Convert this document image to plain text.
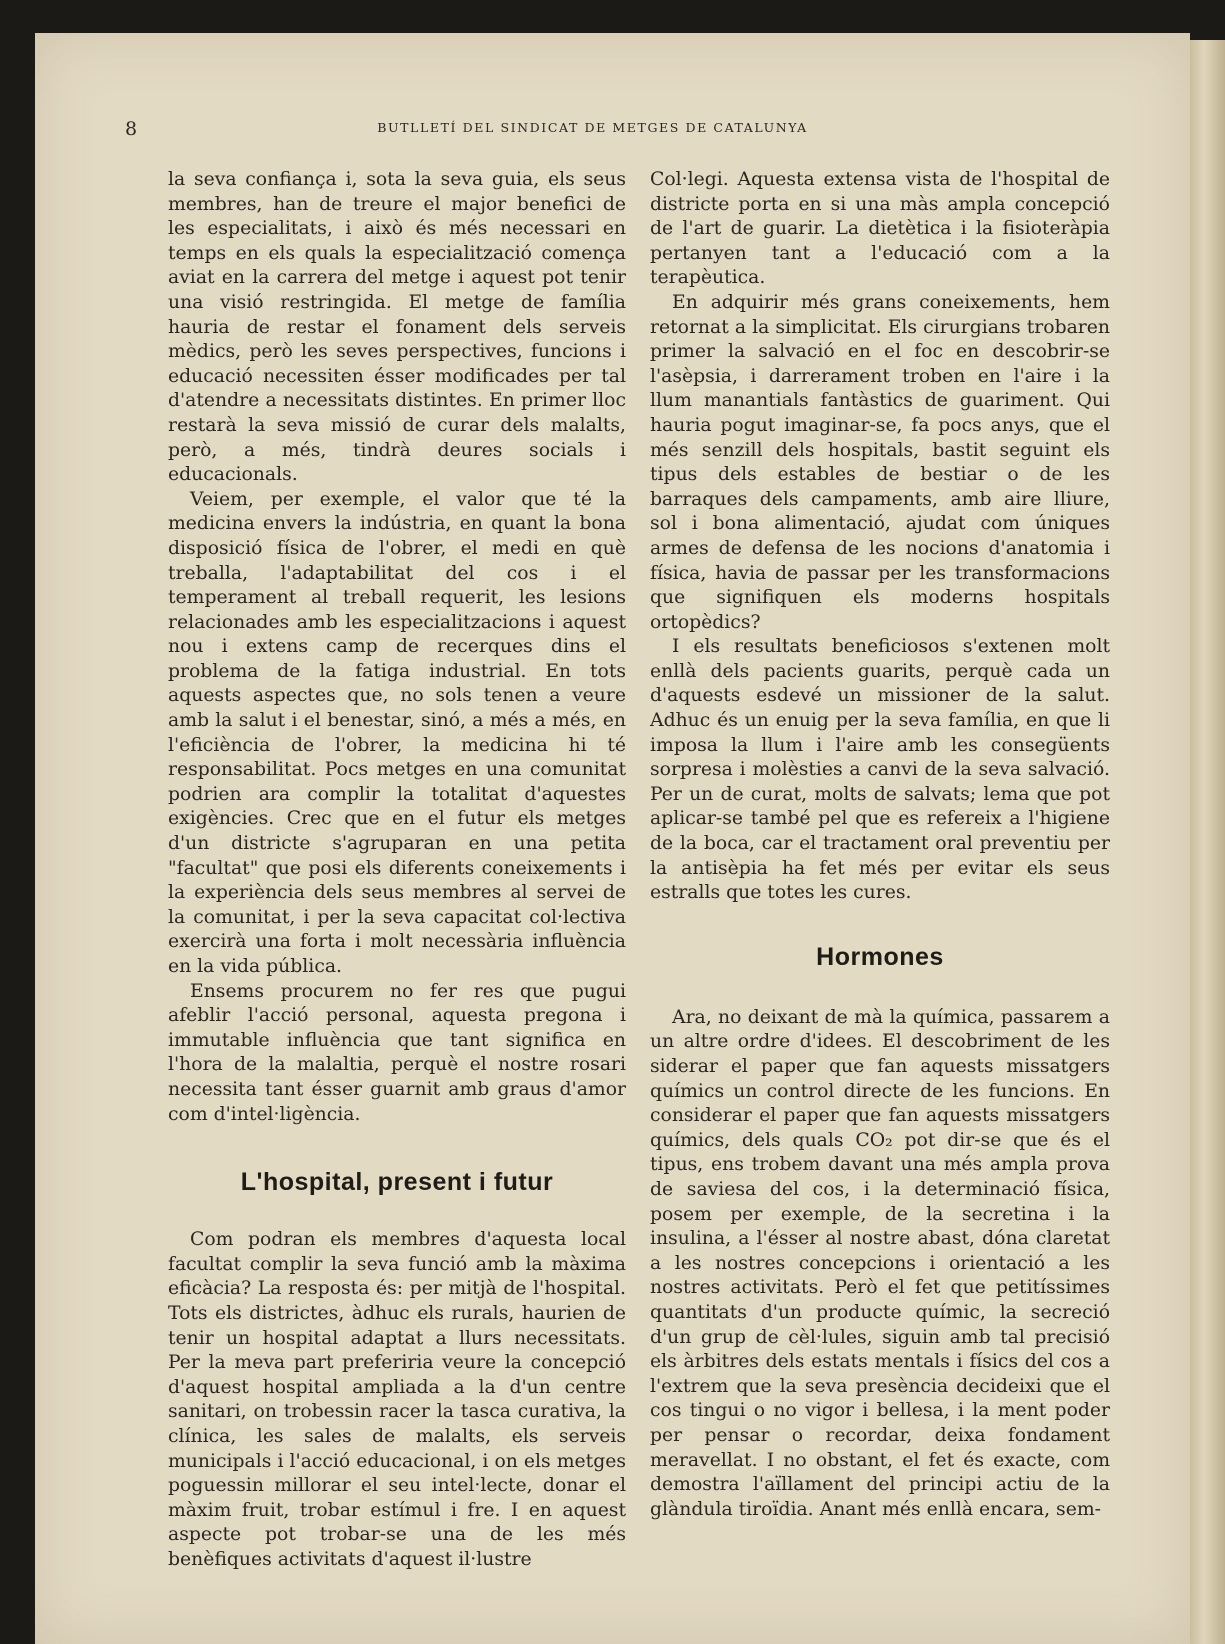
8	BUTLLETÍ DEL SINDICAT DE METGES DE CATALUNYA

la seva confiança i, sota la seva guia, els seus membres, han de treure el major benefici de les especialitats, i això és més necessari en temps en els quals la especialització comença aviat en la carrera del metge i aquest pot tenir una visió restringida. El metge de família hauria de restar el fonament dels serveis mèdics, però les seves perspectives, funcions i educació necessiten ésser modificades per tal d'atendre a necessitats distintes. En primer lloc restarà la seva missió de curar dels malalts, però, a més, tindrà deures socials i educacionals.

Veiem, per exemple, el valor que té la medicina envers la indústria, en quant la bona disposició física de l'obrer, el medi en què treballa, l'adaptabilitat del cos i el temperament al treball requerit, les lesions relacionades amb les especialitzacions i aquest nou i extens camp de recerques dins el problema de la fatiga industrial. En tots aquests aspectes que, no sols tenen a veure amb la salut i el benestar, sinó, a més a més, en l'eficiència de l'obrer, la medicina hi té responsabilitat. Pocs metges en una comunitat podrien ara complir la totalitat d'aquestes exigències. Crec que en el futur els metges d'un districte s'agruparan en una petita "facultat" que posi els diferents coneixements i la experiència dels seus membres al servei de la comunitat, i per la seva capacitat col·lectiva exercirà una forta i molt necessària influència en la vida pública.

Ensems procurem no fer res que pugui afeblir l'acció personal, aquesta pregona i immutable influència que tant significa en l'hora de la malaltia, perquè el nostre rosari necessita tant ésser guarnit amb graus d'amor com d'intel·ligència.

L'hospital, present i futur

Com podran els membres d'aquesta local facultat complir la seva funció amb la màxima eficàcia? La resposta és: per mitjà de l'hospital. Tots els districtes, àdhuc els rurals, haurien de tenir un hospital adaptat a llurs necessitats. Per la meva part preferiria veure la concepció d'aquest hospital ampliada a la d'un centre sanitari, on trobessin racer la tasca curativa, la clínica, les sales de malalts, els serveis municipals i l'acció educacional, i on els metges poguessin millorar el seu intel·lecte, donar el màxim fruit, trobar estímul i fre. I en aquest aspecte pot trobar-se una de les més benèfiques activitats d'aquest il·lustre

Col·legi. Aquesta extensa vista de l'hospital de districte porta en si una màs ampla concepció de l'art de guarir. La dietètica i la fisioteràpia pertanyen tant a l'educació com a la terapèutica.

En adquirir més grans coneixements, hem retornat a la simplicitat. Els cirurgians trobaren primer la salvació en el foc en descobrir-se l'asèpsia, i darrerament troben en l'aire i la llum manantials fantàstics de guariment. Qui hauria pogut imaginar-se, fa pocs anys, que el més senzill dels hospitals, bastit seguint els tipus dels estables de bestiar o de les barraques dels campaments, amb aire lliure, sol i bona alimentació, ajudat com úniques armes de defensa de les nocions d'anatomia i física, havia de passar per les transformacions que signifiquen els moderns hospitals ortopèdics?

I els resultats beneficiosos s'extenen molt enllà dels pacients guarits, perquè cada un d'aquests esdevé un missioner de la salut. Adhuc és un enuig per la seva família, en que li imposa la llum i l'aire amb les consegüents sorpresa i molèsties a canvi de la seva salvació. Per un de curat, molts de salvats; lema que pot aplicar-se també pel que es refereix a l'higiene de la boca, car el tractament oral preventiu per la antisèpia ha fet més per evitar els seus estralls que totes les cures.

Hormones

Ara, no deixant de mà la química, passarem a un altre ordre d'idees. El descobriment de les siderar el paper que fan aquests missatgers químics un control directe de les funcions. En considerar el paper que fan aquests missatgers químics, dels quals CO₂ pot dir-se que és el tipus, ens trobem davant una més ampla prova de saviesa del cos, i la determinació física, posem per exemple, de la secretina i la insulina, a l'ésser al nostre abast, dóna claretat a les nostres concepcions i orientació a les nostres activitats. Però el fet que petitíssimes quantitats d'un producte químic, la secreció d'un grup de cèl·lules, siguin amb tal precisió els àrbitres dels estats mentals i físics del cos a l'extrem que la seva presència decideixi que el cos tingui o no vigor i bellesa, i la ment poder per pensar o recordar, deixa fondament meravellat. I no obstant, el fet és exacte, com demostra l'aïllament del principi actiu de la glàndula tiroïdia. Anant més enllà encara, sem-
